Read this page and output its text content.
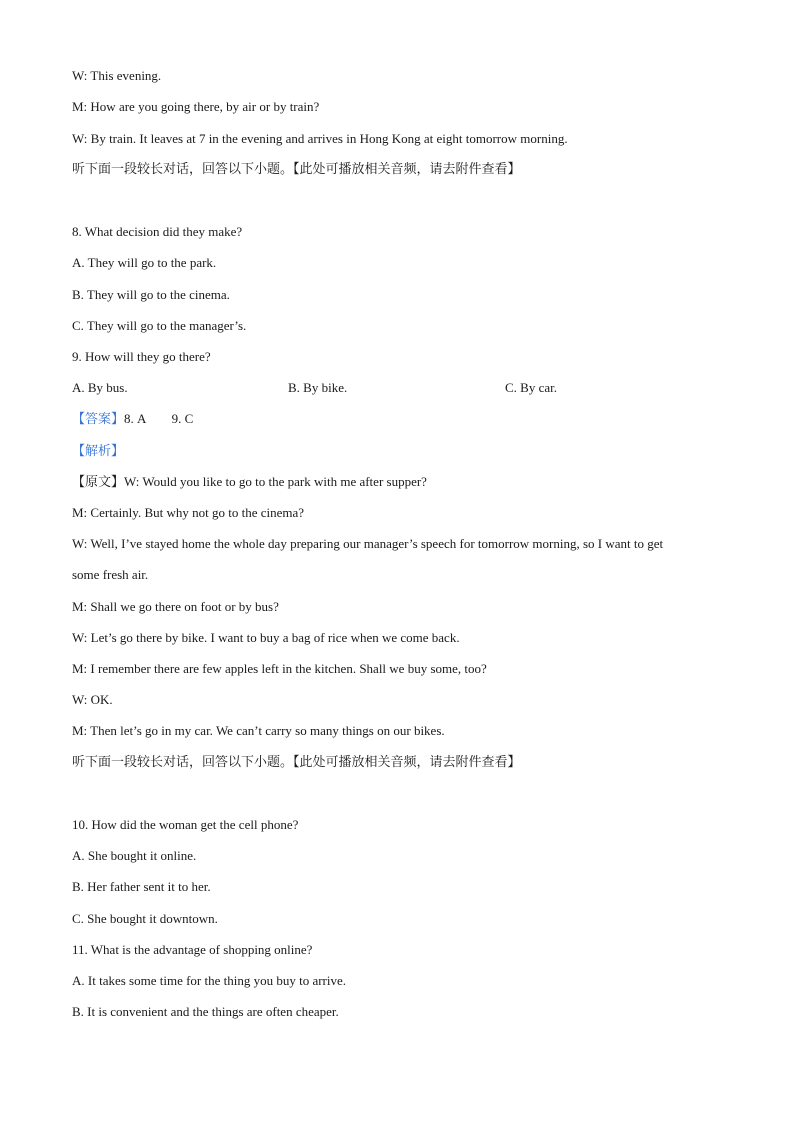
W: This evening.
M: How are you going there, by air or by train?
W: By train. It leaves at 7 in the evening and arrives in Hong Kong at eight tomorrow morning.
听下面一段较长对话，回答以下小题。【此处可播放相关音频，请去附件查看】
8. What decision did they make?
A. They will go to the park.
B. They will go to the cinema.
C. They will go to the manager’s.
9. How will they go there?
A. By bus.	B. By bike.	C. By car.
【答案】8. A        9. C
【解析】
【原文】W: Would you like to go to the park with me after supper?
M: Certainly. But why not go to the cinema?
W: Well, I’ve stayed home the whole day preparing our manager’s speech for tomorrow morning, so I want to get
some fresh air.
M: Shall we go there on foot or by bus?
W: Let’s go there by bike. I want to buy a bag of rice when we come back.
M: I remember there are few apples left in the kitchen. Shall we buy some, too?
W: OK.
M: Then let’s go in my car. We can’t carry so many things on our bikes.
听下面一段较长对话，回答以下小题。【此处可播放相关音频，请去附件查看】
10. How did the woman get the cell phone?
A. She bought it online.
B. Her father sent it to her.
C. She bought it downtown.
11. What is the advantage of shopping online?
A. It takes some time for the thing you buy to arrive.
B. It is convenient and the things are often cheaper.
